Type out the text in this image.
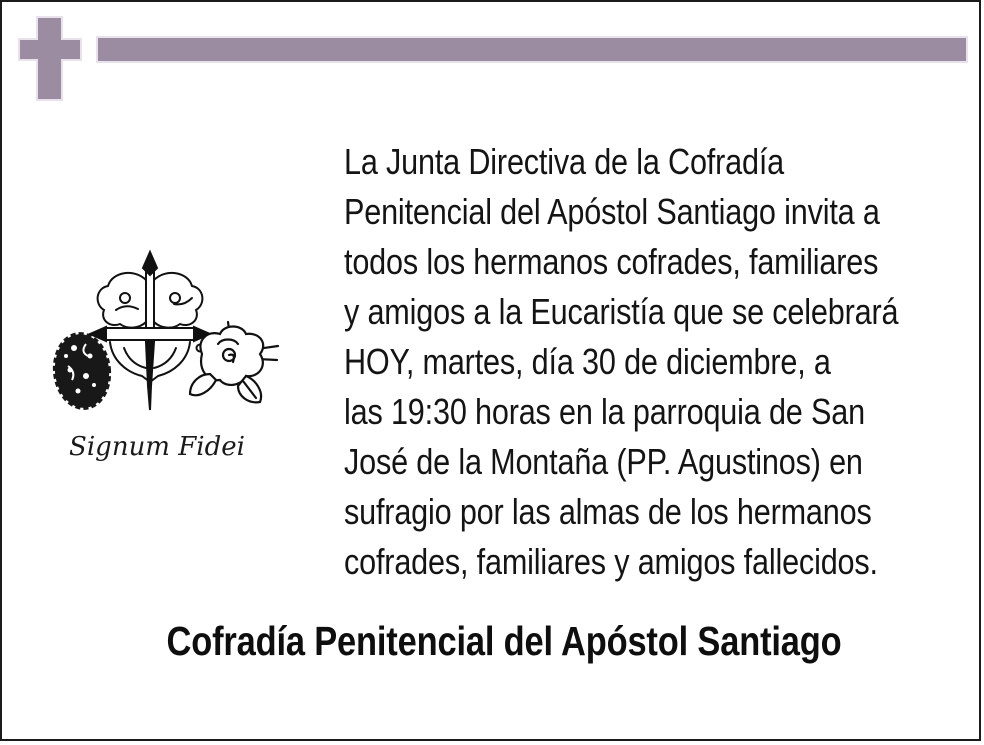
Signum Fidei
La Junta Directiva de la Cofradía
Penitencial del Apóstol Santiago invita a
todos los hermanos cofrades, familiares
y amigos a la Eucaristía que se celebrará
HOY, martes, día 30 de diciembre, a
las 19:30 horas en la parroquia de San
José de la Montaña (PP. Agustinos) en
sufragio por las almas de los hermanos
cofrades, familiares y amigos fallecidos.
Cofradía Penitencial del Apóstol Santiago
